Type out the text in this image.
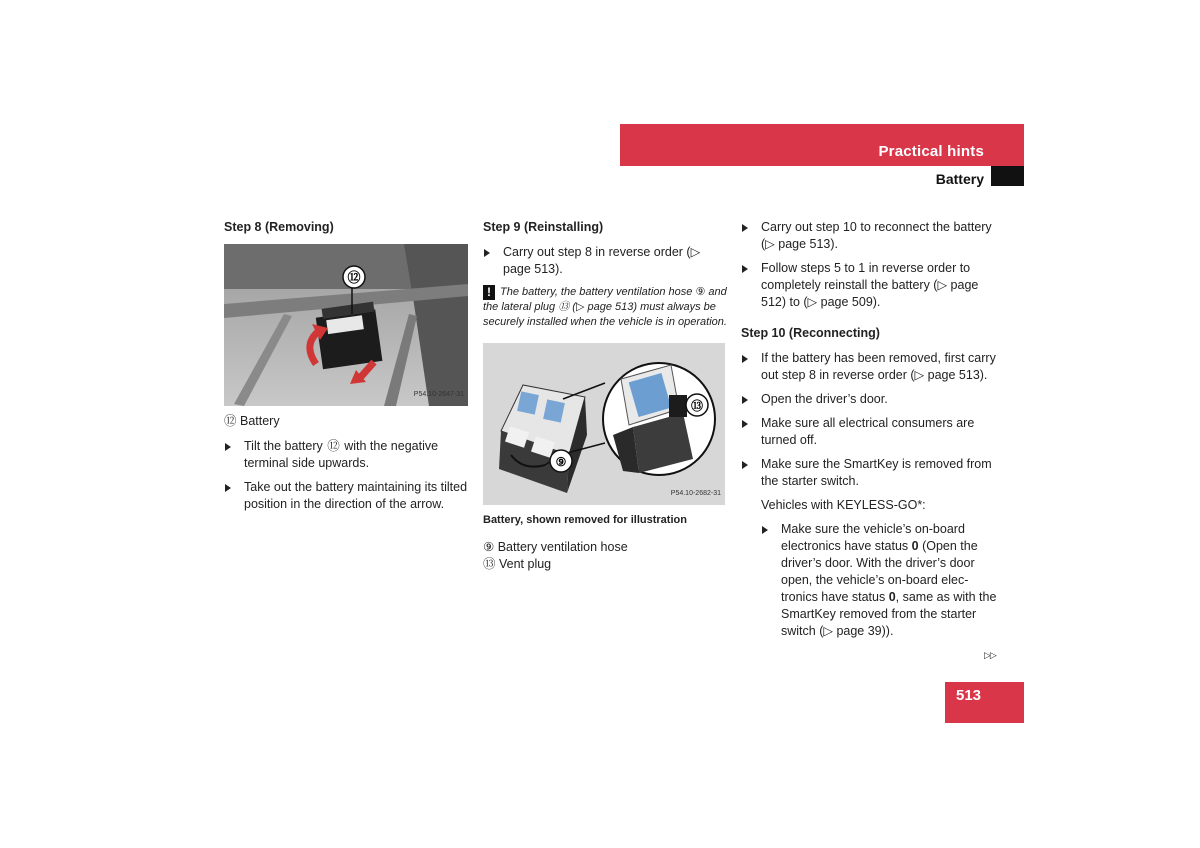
Practical hints
Battery

Step 8 (Removing)

⑫
P54.10-2647-31

⑫ Battery

Tilt the battery ⑫ with the negative terminal side upwards.

Take out the battery maintaining its tilted position in the direction of the arrow.

Step 9 (Reinstalling)

Carry out step 8 in reverse order (▷ page 513).

! The battery, the battery ventilation hose ⑨ and the lateral plug ⑬ (▷ page 513) must always be securely installed when the vehicle is in operation.

⑬
⑨
P54.10-2682-31

Battery, shown removed for illustration

⑨ Battery ventilation hose

⑬ Vent plug

Carry out step 10 to reconnect the battery (▷ page 513).

Follow steps 5 to 1 in reverse order to completely reinstall the battery (▷ page 512) to (▷ page 509).

Step 10 (Reconnecting)

If the battery has been removed, first carry out step 8 in reverse order (▷ page 513).

Open the driver’s door.

Make sure all electrical consumers are turned off.

Make sure the SmartKey is removed from the starter switch.

Vehicles with KEYLESS-GO*:

Make sure the vehicle’s on-board electronics have status 0 (Open the driver’s door. With the driver’s door open, the vehicle’s on-board elec- tronics have status 0, same as with the SmartKey removed from the starter switch (▷ page 39)).

▷▷
513
